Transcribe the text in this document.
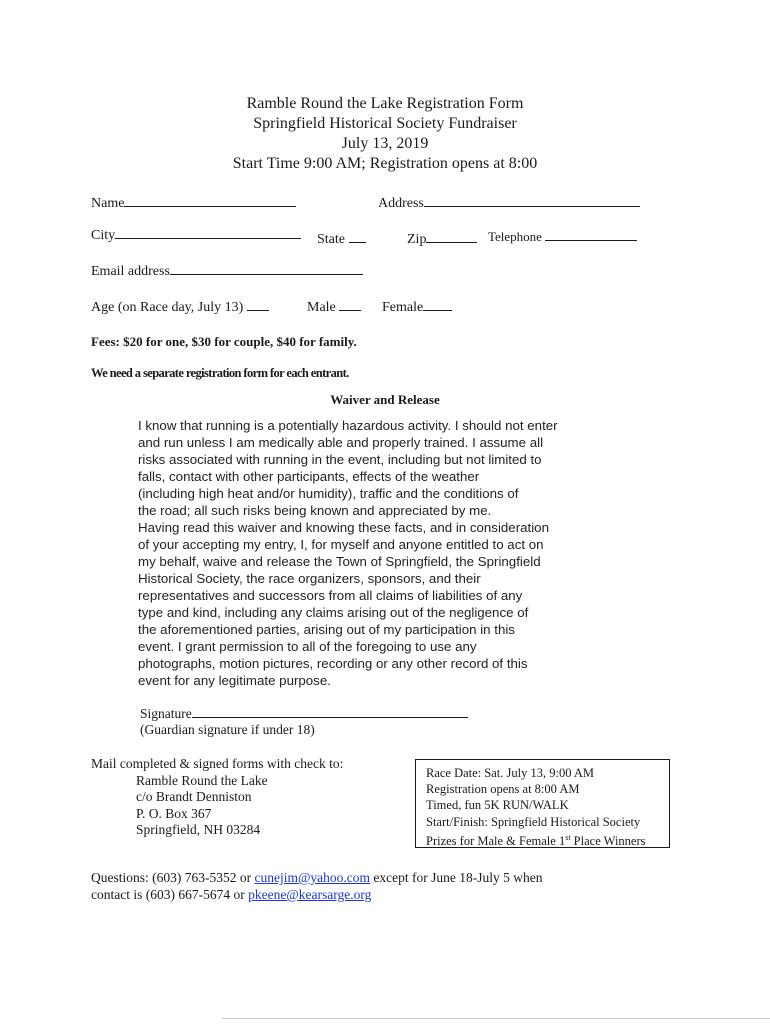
Ramble Round the Lake Registration Form
Springfield Historical Society Fundraiser
July 13, 2019
Start Time 9:00 AM; Registration opens at 8:00
Name	Address
City	State	Zip	Telephone
Email address
Age (on Race day, July 13)	Male	Female
Fees: $20 for one, $30 for couple, $40 for family.
We need a separate registration form for each entrant.
Waiver and Release
I know that running is a potentially hazardous activity. I should not enter
and run unless I am medically able and properly trained. I assume all
risks associated with running in the event, including but not limited to
falls, contact with other participants, effects of the weather
(including high heat and/or humidity), traffic and the conditions of
the road; all such risks being known and appreciated by me.
Having read this waiver and knowing these facts, and in consideration
of your accepting my entry, I, for myself and anyone entitled to act on
my behalf, waive and release the Town of Springfield, the Springfield
Historical Society, the race organizers, sponsors, and their
representatives and successors from all claims of liabilities of any
type and kind, including any claims arising out of the negligence of
the aforementioned parties, arising out of my participation in this
event. I grant permission to all of the foregoing to use any
photographs, motion pictures, recording or any other record of this
event for any legitimate purpose.
Signature
(Guardian signature if under 18)
Mail completed & signed forms with check to:
Ramble Round the Lake
c/o Brandt Denniston
P. O. Box 367
Springfield, NH 03284
Race Date: Sat. July 13, 9:00 AM
Registration opens at 8:00 AM
Timed, fun 5K RUN/WALK
Start/Finish: Springfield Historical Society
Prizes for Male & Female 1st Place Winners
Questions: (603) 763-5352 or cunejim@yahoo.com except for June 18-July 5 when
contact is (603) 667-5674 or pkeene@kearsarge.org
